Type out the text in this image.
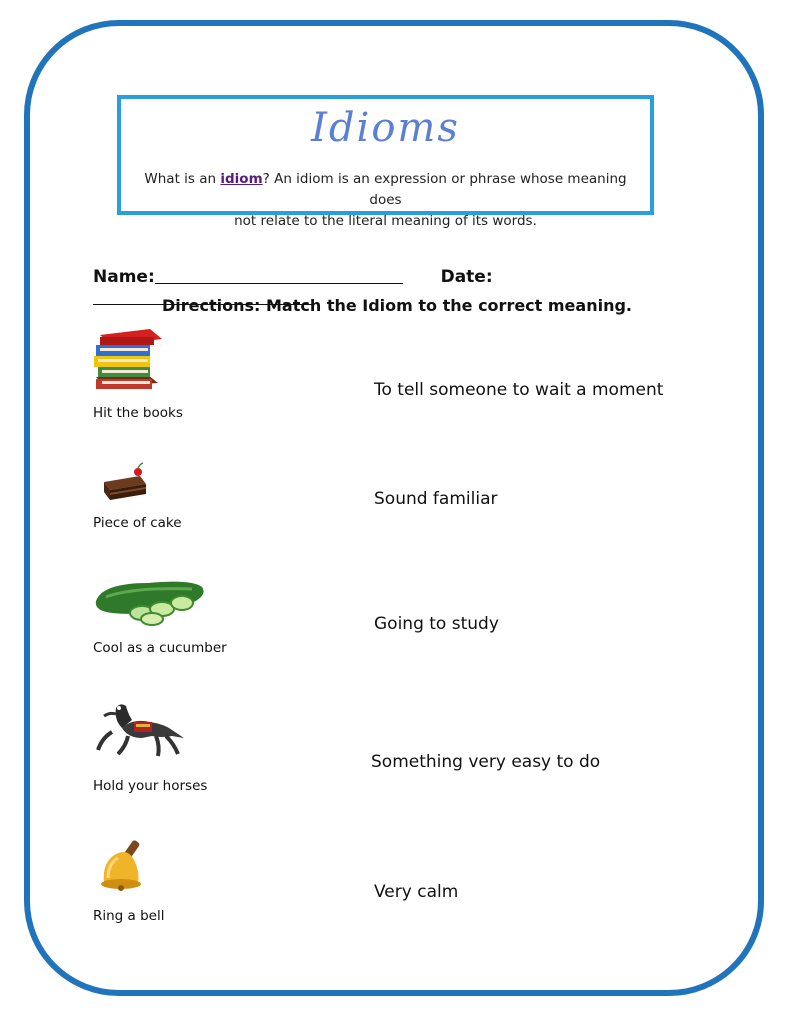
Idioms
What is an idiom? An idiom is an expression or phrase whose meaning does
not relate to the literal meaning of its words.
Name:	Date:
Directions: Match the Idiom to the correct meaning.
Hit the books
Piece of cake
Cool as a cucumber
Hold your horses
Ring a bell
To tell someone to wait a moment
Sound familiar
Going to study
Something very easy to do
Very calm
